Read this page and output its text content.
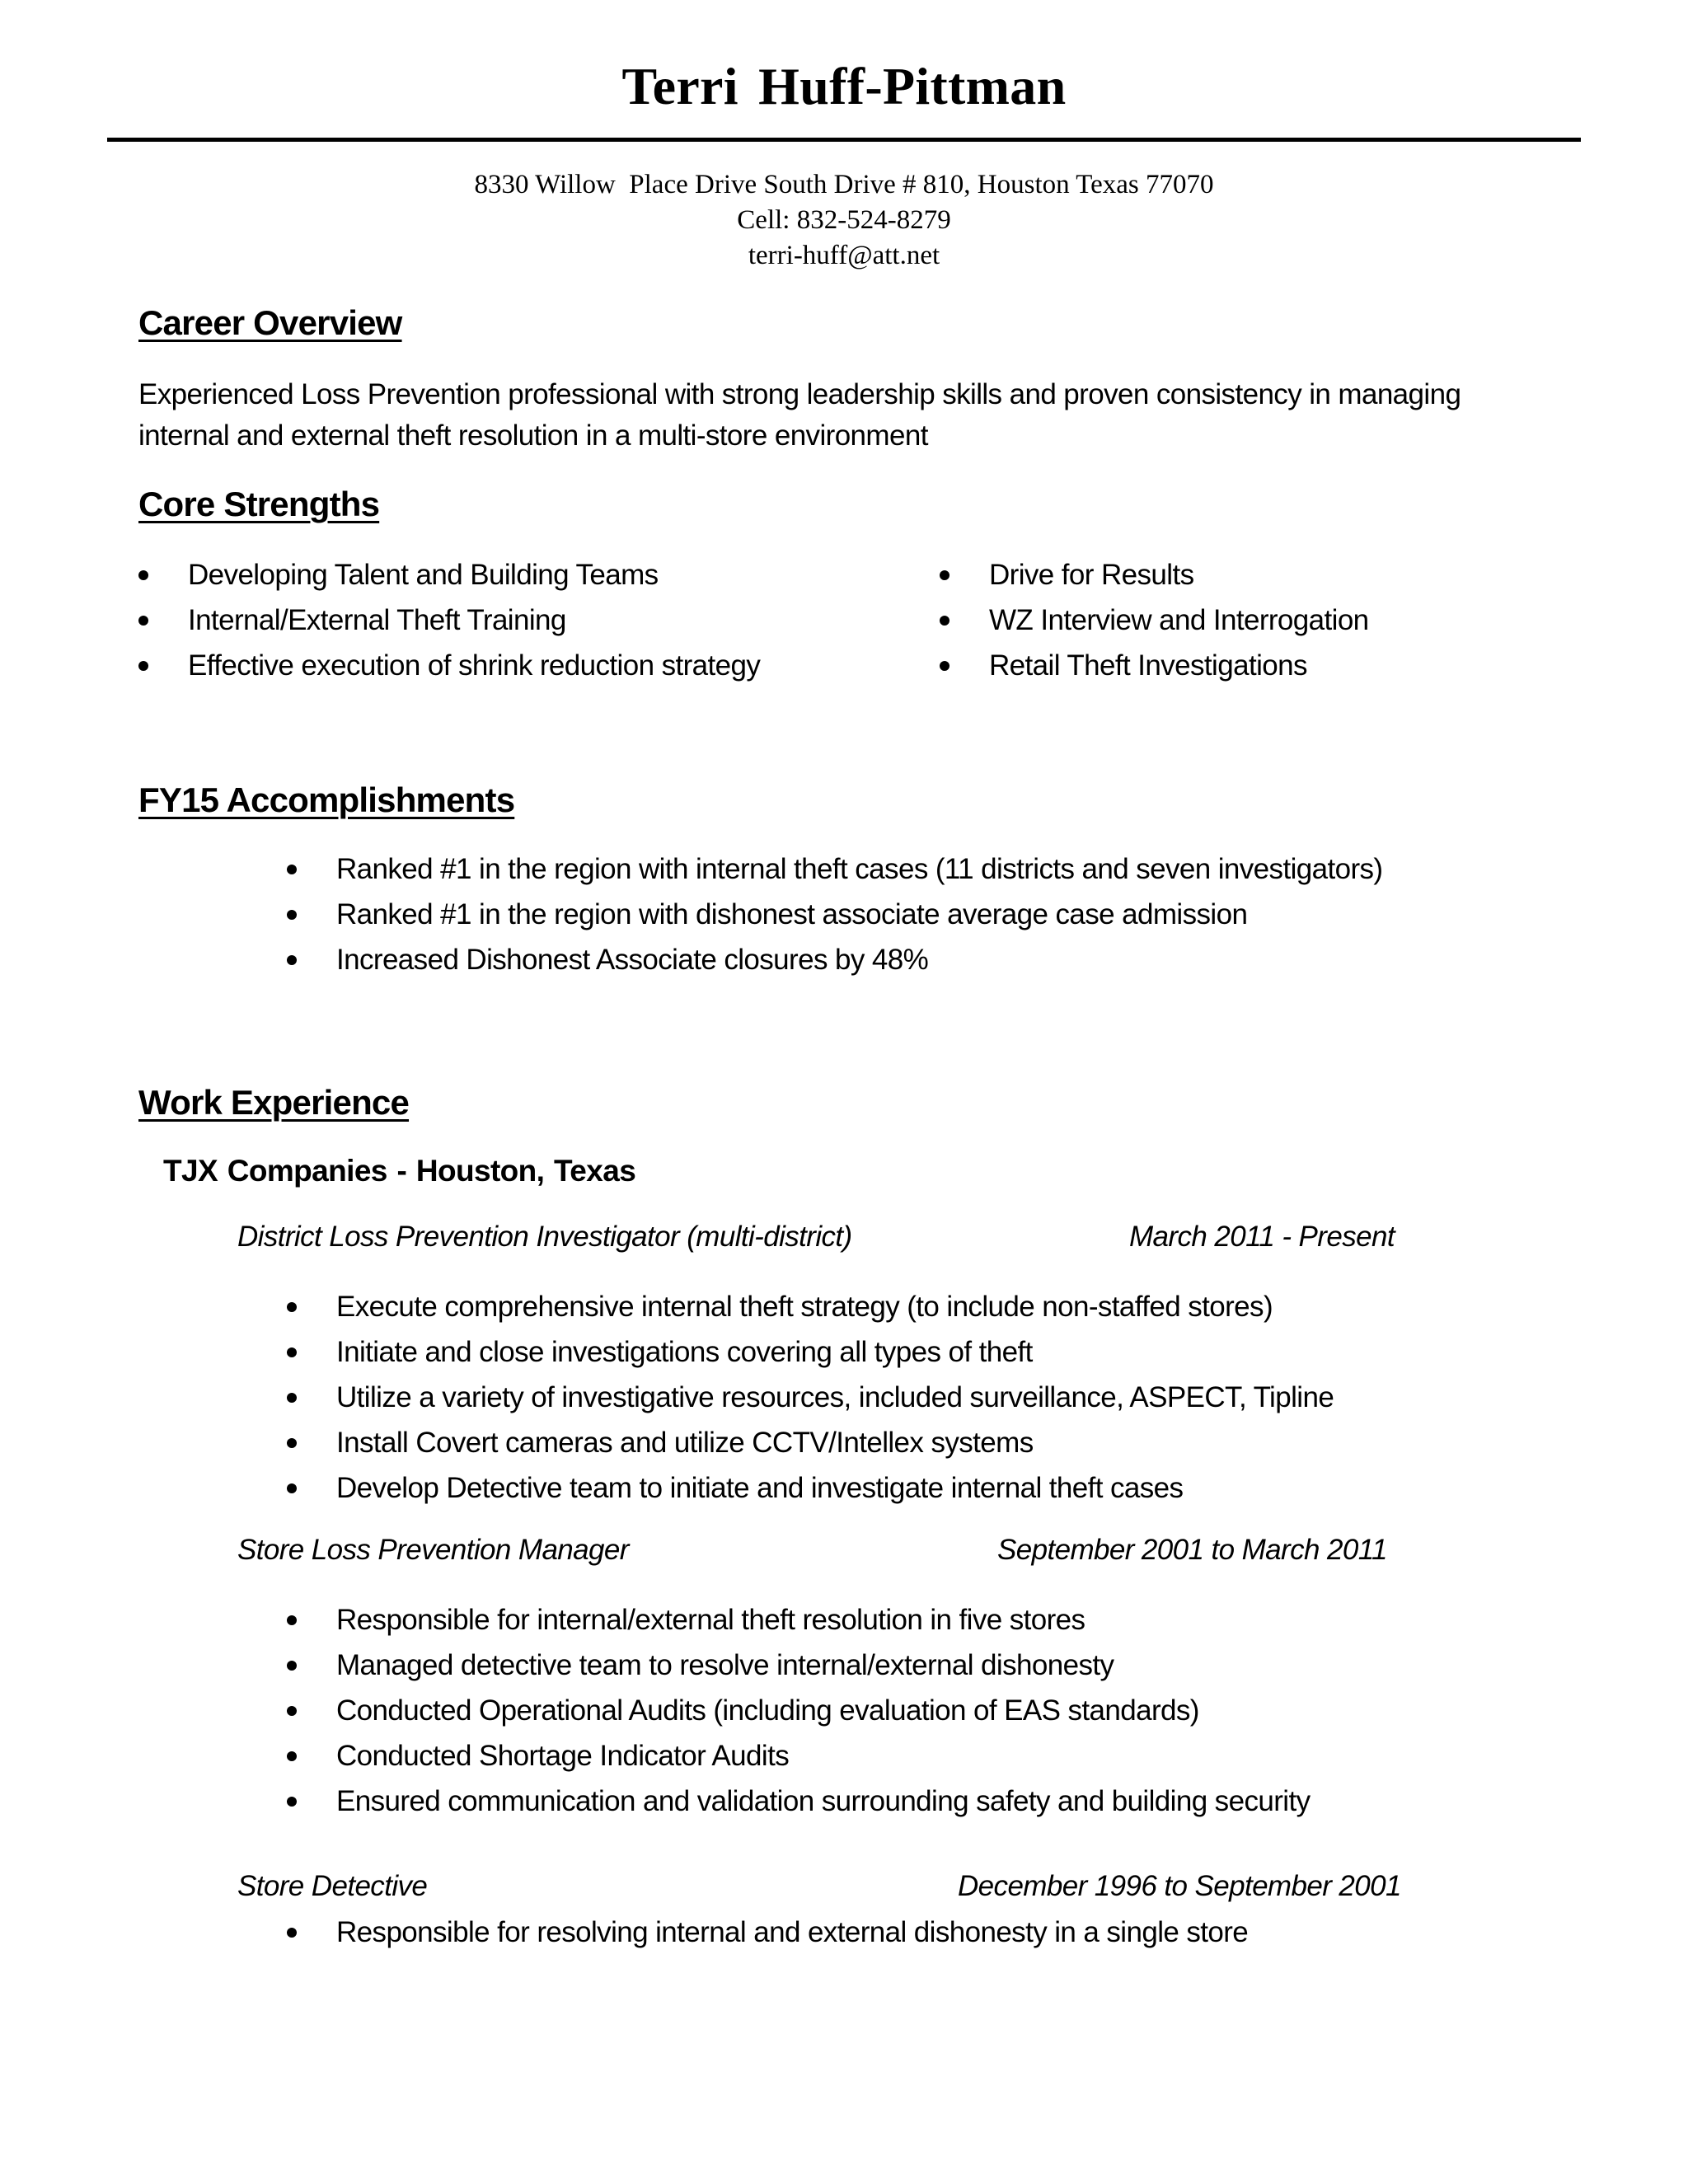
Terri Huff-Pittman

8330 Willow  Place Drive South Drive # 810, Houston Texas 77070

Cell: 832-524-8279

terri-huff@att.net

Career Overview

Experienced Loss Prevention professional with strong leadership skills and proven consistency in managing internal and external theft resolution in a multi-store environment

Core Strengths
Developing Talent and Building Teams
Internal/External Theft Training
Effective execution of shrink reduction strategy
Drive for Results
WZ Interview and Interrogation
Retail Theft Investigations
FY15 Accomplishments
Ranked #1 in the region with internal theft cases (11 districts and seven investigators)
Ranked #1 in the region with dishonest associate average case admission
Increased Dishonest Associate closures by 48%
Work Experience

TJX Companies - Houston, Texas

District Loss Prevention Investigator (multi-district)	March 2011 - Present

Execute comprehensive internal theft strategy (to include non-staffed stores)
Initiate and close investigations covering all types of theft
Utilize a variety of investigative resources, included surveillance, ASPECT, Tipline
Install Covert cameras and utilize CCTV/Intellex systems
Develop Detective team to initiate and investigate internal theft cases

Store Loss Prevention Manager	September 2001 to March 2011

Responsible for internal/external theft resolution in five stores
Managed detective team to resolve internal/external dishonesty
Conducted Operational Audits (including evaluation of EAS standards)
Conducted Shortage Indicator Audits
Ensured communication and validation surrounding safety and building security

Store Detective	December 1996 to September 2001

Responsible for resolving internal and external dishonesty in a single store
